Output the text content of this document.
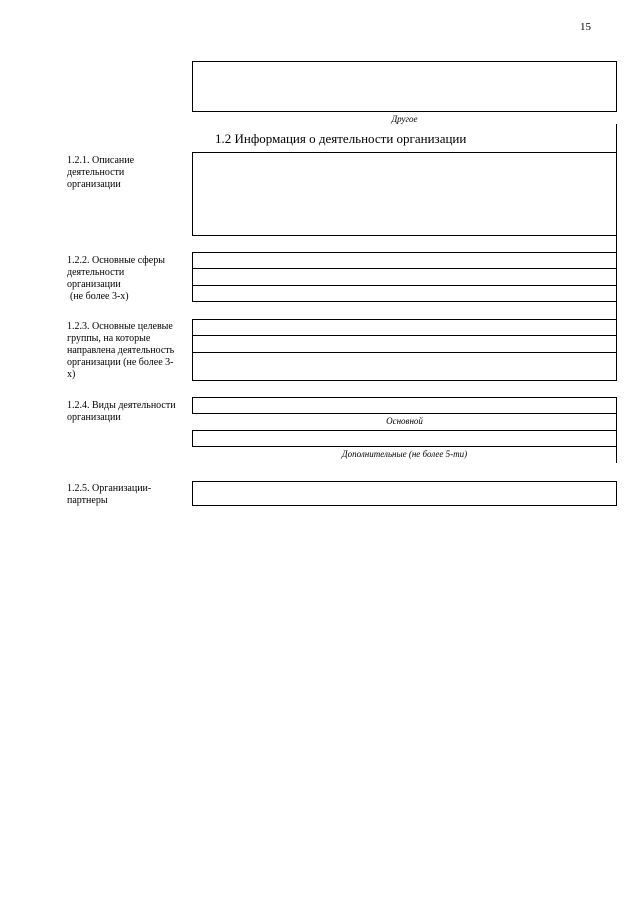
15
Другое
1.2 Информация о деятельности организации
1.2.1. Описание
деятельности
организации
1.2.2. Основные сферы
деятельности
организации
(не более 3-х)
1.2.3. Основные целевые
группы, на которые
направлена деятельность
организации (не более 3-
х)
1.2.4. Виды деятельности
организации	Основной
Дополнительные (не более 5-ти)
1.2.5. Организации-
партнеры
